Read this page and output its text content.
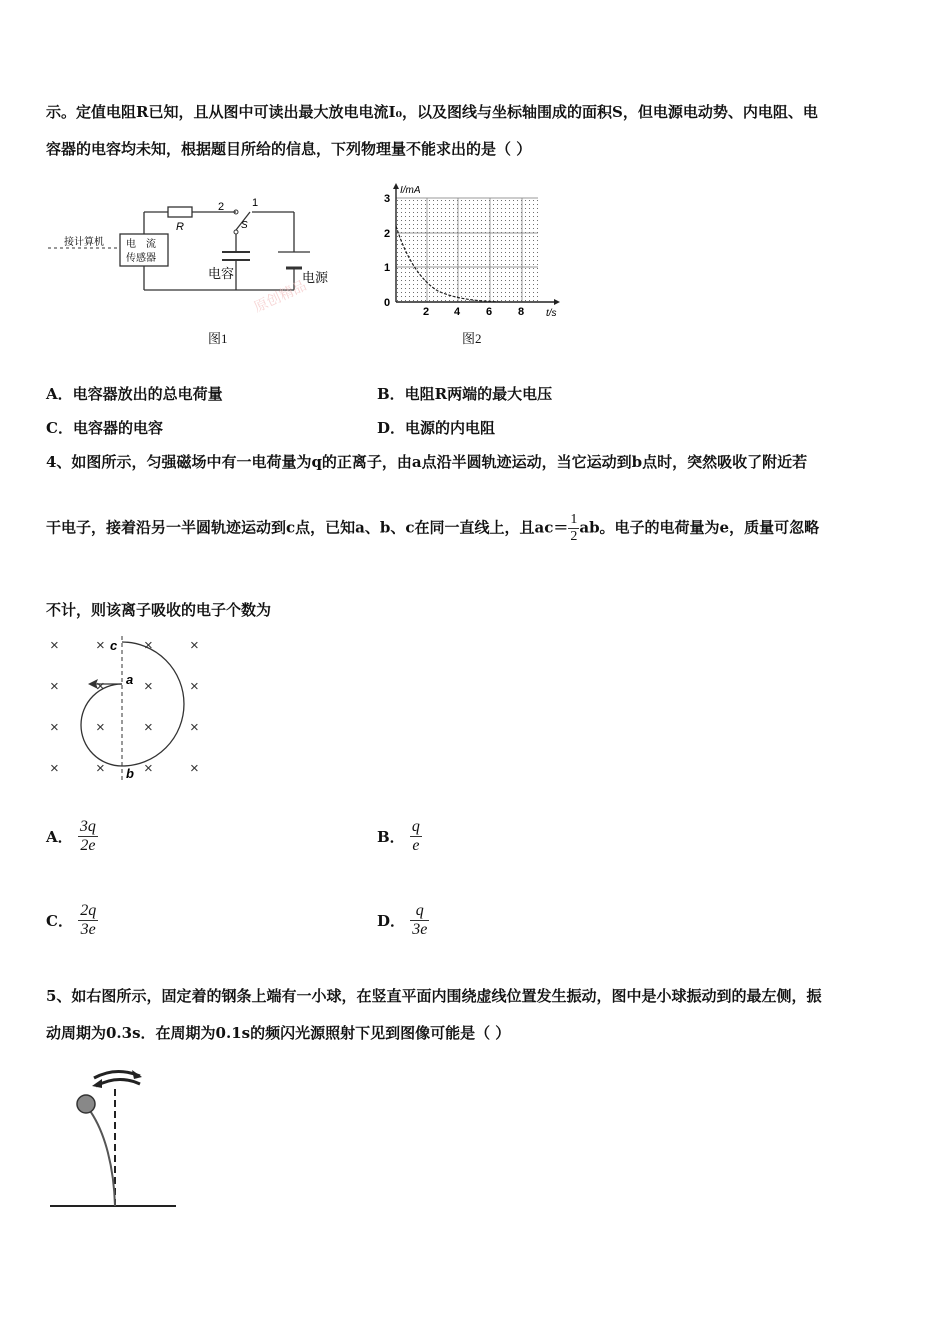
示。定值电阻R已知，且从图中可读出最大放电电流I₀，以及图线与坐标轴围成的面积S，但电源电动势、内电阻、电
容器的电容均未知，根据题目所给的信息，下列物理量不能求出的是（ ）
接计算机 电　流
传感器
R
2	1
S
电容	电源
图1
原创精品
I/mA
t/s
0
1
2
3
2 4 6 8
图2
A．电容器放出的总电荷量	B．电阻R两端的最大电压
C．电容器的电容	D．电源的内电阻
4、如图所示，匀强磁场中有一电荷量为q的正离子，由a点沿半圆轨迹运动，当它运动到b点时，突然吸收了附近若
干电子，接着沿另一半圆轨迹运动到c点，已知a、b、c在同一直线上，且$ac= \frac{1}{2}$ ab。电子的电荷量为e，质量可忽略
不计，则该离子吸收的电子个数为
× ×	× ×
× ×	× ×
× ×	× ×
× ×	× ×
c
a
b
A． $\frac{3q}{2e}$	B． $\frac{q}{e}$
C． $\frac{2q}{3e}$	D． $\frac{q}{3e}$
5、如右图所示，固定着的钢条上端有一小球，在竖直平面内围绕虚线位置发生振动，图中是小球振动到的最左侧，振
动周期为0.3s．在周期为0.1s的频闪光源照射下见到图像可能是（ ）
